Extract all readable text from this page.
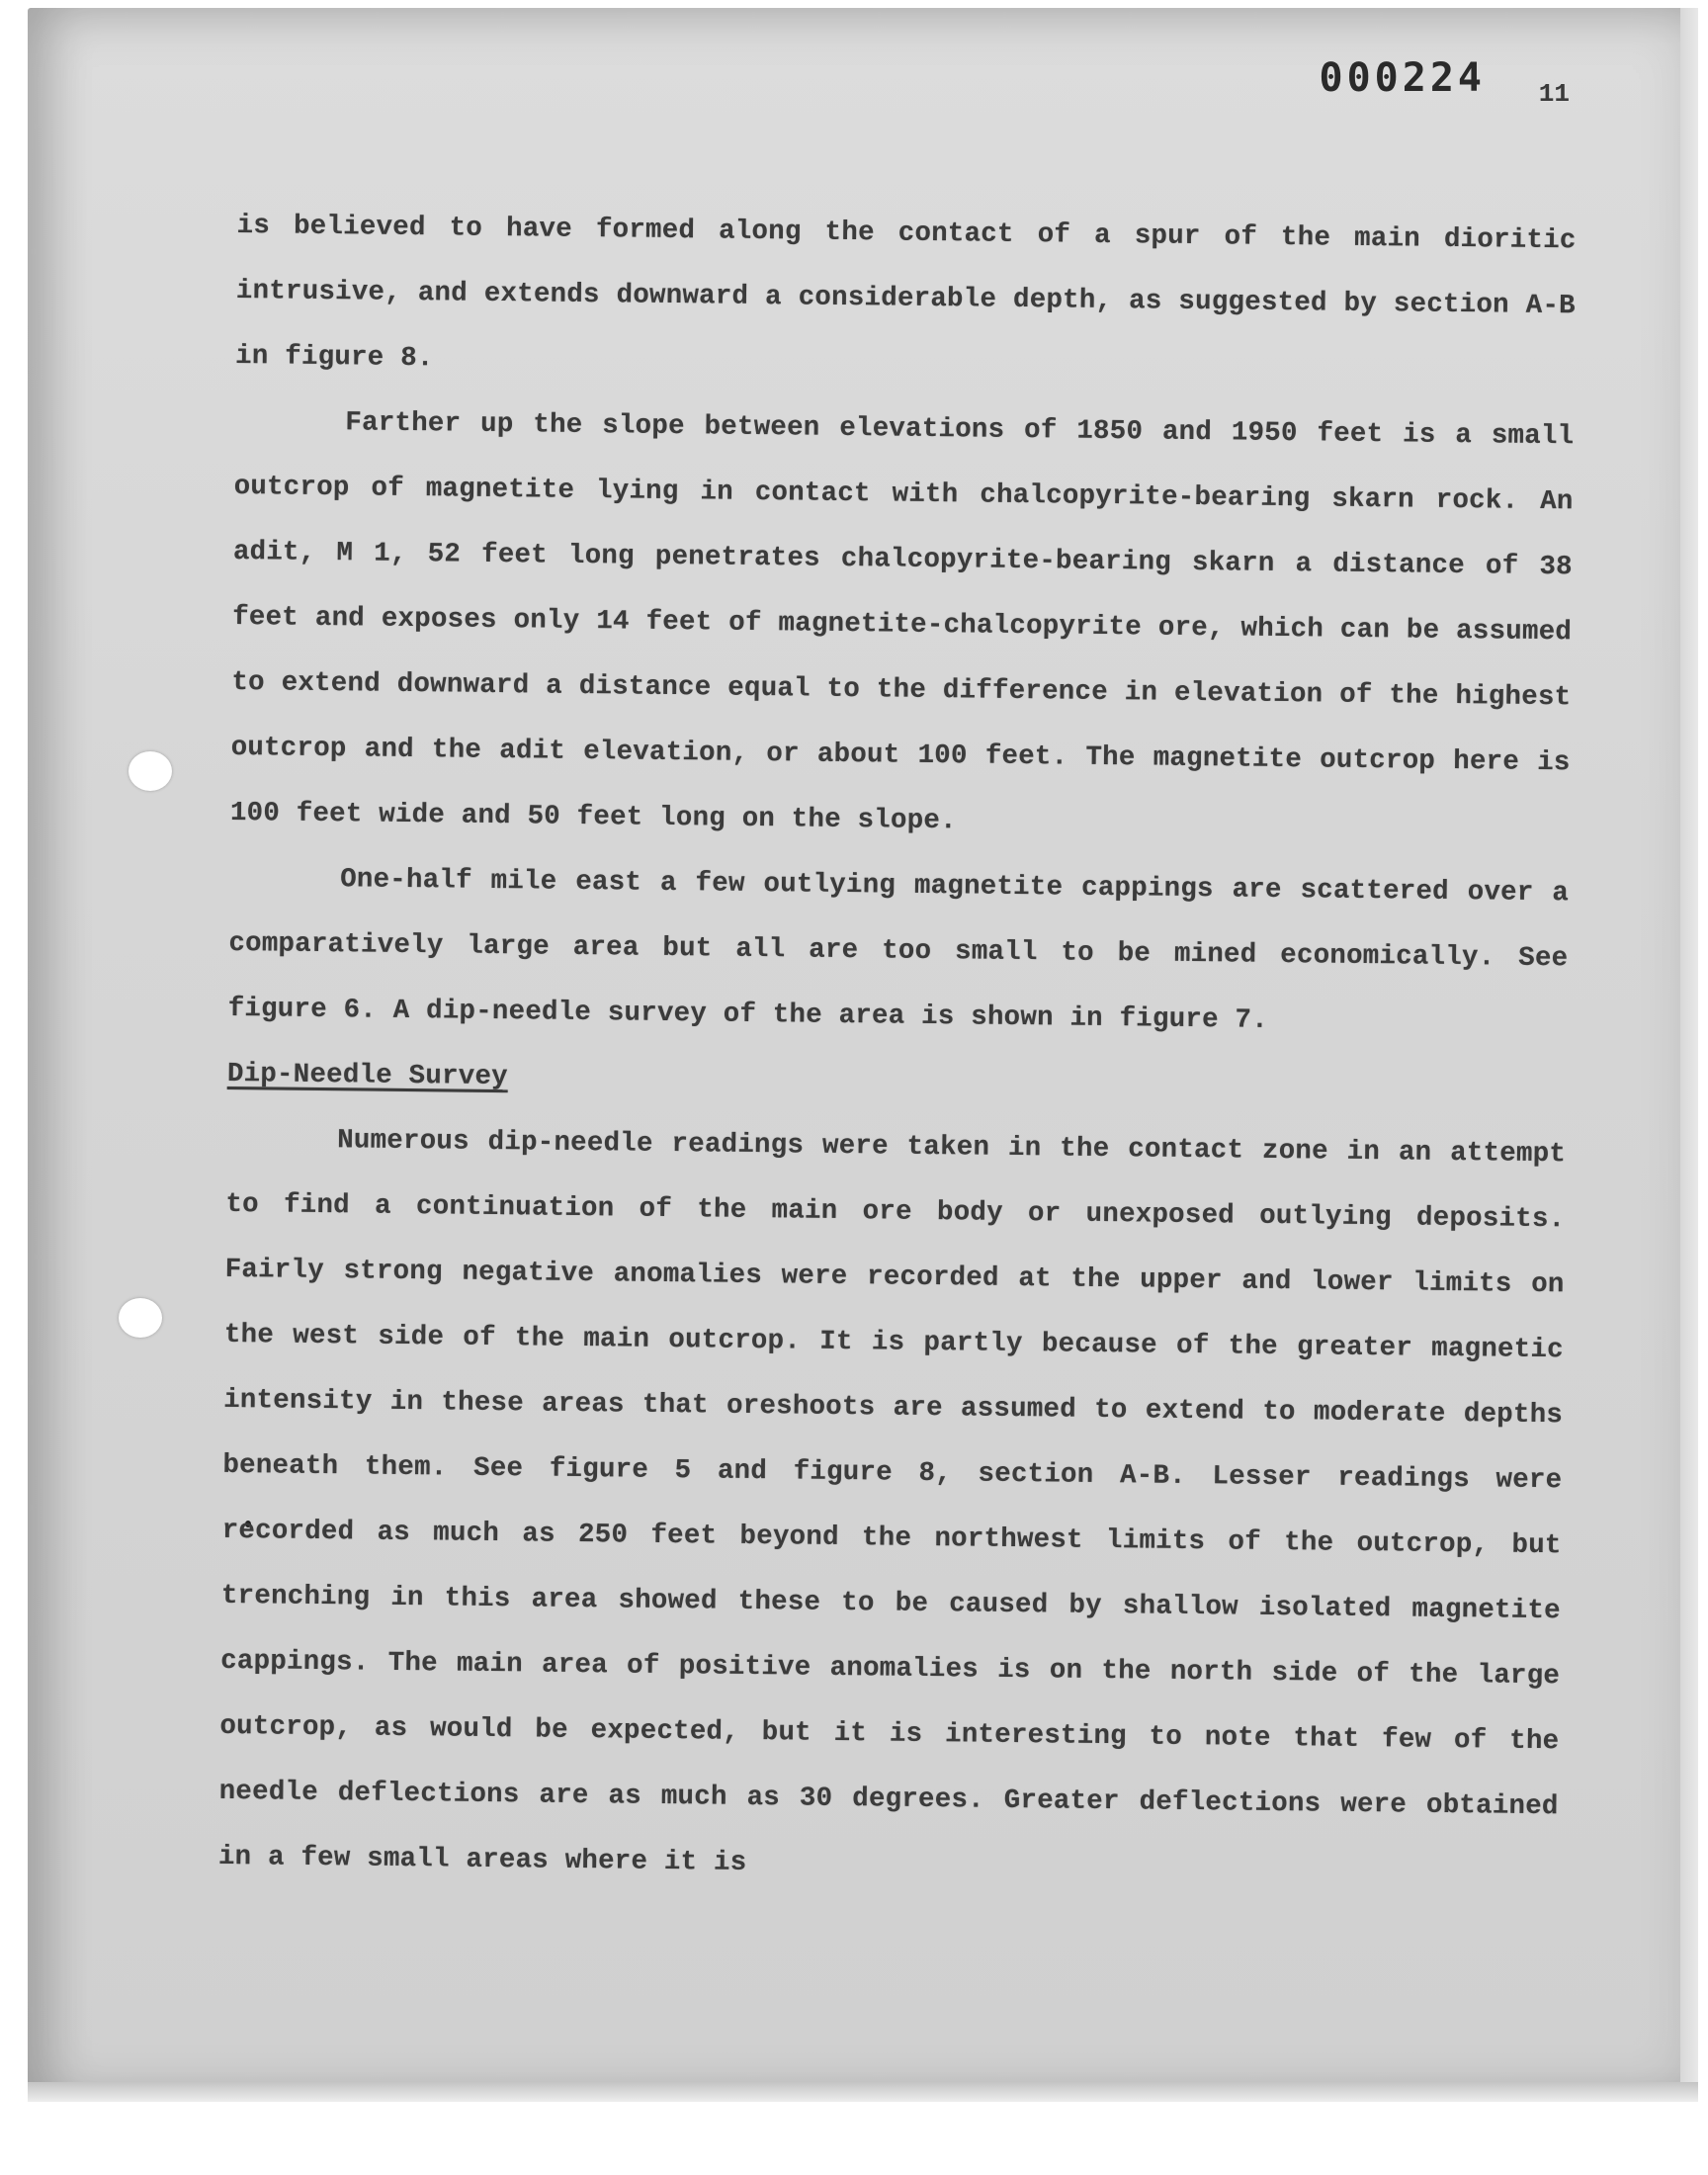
000224 11

is believed to have formed along the contact of a spur of the main dioritic intrusive, and extends downward a considerable depth, as suggested by section A-B in figure 8.

Farther up the slope between elevations of 1850 and 1950 feet is a small outcrop of magnetite lying in contact with chalcopyrite-bearing skarn rock. An adit, M 1, 52 feet long penetrates chalcopyrite-bearing skarn a distance of 38 feet and exposes only 14 feet of magnetite-chalcopyrite ore, which can be assumed to extend downward a distance equal to the difference in elevation of the highest outcrop and the adit elevation, or about 100 feet. The magnetite outcrop here is 100 feet wide and 50 feet long on the slope.

One-half mile east a few outlying magnetite cappings are scattered over a comparatively large area but all are too small to be mined economically. See figure 6. A dip-needle survey of the area is shown in figure 7.

Dip-Needle Survey

Numerous dip-needle readings were taken in the contact zone in an attempt to find a continuation of the main ore body or unexposed outlying deposits. Fairly strong negative anomalies were recorded at the upper and lower limits on the west side of the main outcrop. It is partly because of the greater magnetic intensity in these areas that oreshoots are assumed to extend to moderate depths beneath them. See figure 5 and figure 8, section A-B. Lesser readings were recorded as much as 250 feet beyond the northwest limits of the outcrop, but trenching in this area showed these to be caused by shallow isolated magnetite cappings. The main area of positive anomalies is on the north side of the large outcrop, as would be expected, but it is interesting to note that few of the needle deflections are as much as 30 degrees. Greater deflections were obtained in a few small areas where it is
